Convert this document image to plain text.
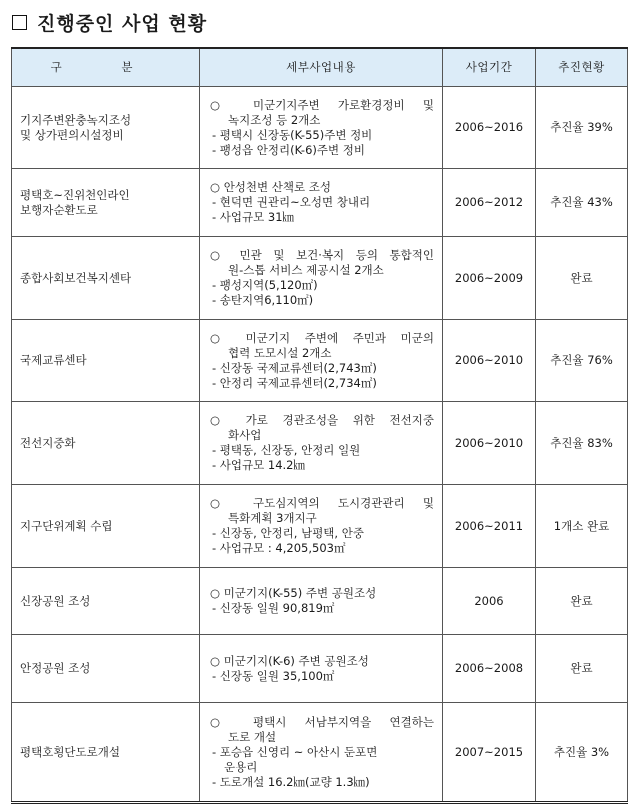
진행중인 사업 현황
구 분	세부사업내용	사업기간	추진현황

기지주변완충녹지조성
및 상가편의시설정비	○ 미군기지주변 가로환경정비 및
녹지조성 등 2개소
- 평택시 신장동(K-55)주변 정비
- 팽성읍 안정리(K-6)주변 정비	2006~2016	추진율 39%

평택호~진위천인라인
보행자순환도로	○ 안성천변 산책로 조성
- 현덕면 권관리~오성면 창내리
- 사업규모 31㎞	2006~2012	추진율 43%

종합사회보건복지센타	○ 민관 및 보건·복지 등의 통합적인
원-스톱 서비스 제공시설 2개소
- 팽성지역(5,120㎡)
- 송탄지역6,110㎡)	2006~2009	완료

국제교류센타	○ 미군기지 주변에 주민과 미군의
협력 도모시설 2개소
- 신장동 국제교류센터(2,743㎡)
- 안정리 국제교류센터(2,734㎡)	2006~2010	추진율 76%

전선지중화	○ 가로 경관조성을 위한 전선지중
화사업
- 평택동, 신장동, 안정리 일원
- 사업규모 14.2㎞	2006~2010	추진율 83%

지구단위계획 수립	○ 구도심지역의 도시경관관리 및
특화계획 3개지구
- 신장동, 안정리, 남평택, 안중
- 사업규모 : 4,205,503㎡	2006~2011	1개소 완료

신장공원 조성	○ 미군기지(K-55) 주변 공원조성
- 신장동 일원 90,819㎡	2006	완료

안정공원 조성	○ 미군기지(K-6) 주변 공원조성
- 신장동 일원 35,100㎡	2006~2008	완료

평택호횡단도로개설	○ 평택시 서남부지역을 연결하는
도로 개설
- 포승읍 신영리 ~ 아산시 둔포면
운용리
- 도로개설 16.2㎞(교량 1.3㎞)	2007~2015	추진율 3%
